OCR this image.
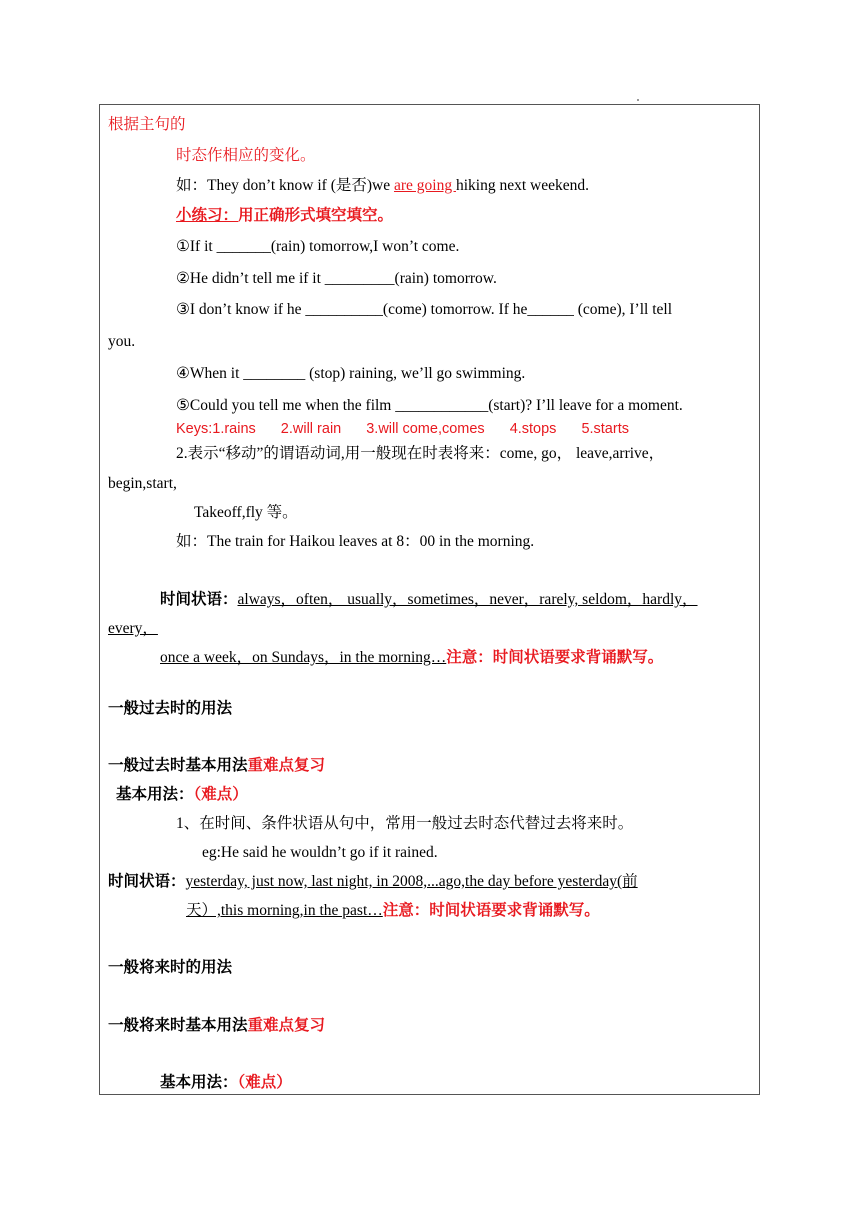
根据主句的
时态作相应的变化。
如：They don’t know if (是否)we are going hiking next weekend.
小练习：用正确形式填空填空。
①If it _______(rain) tomorrow,I won’t come.
②He didn’t tell me if it _________(rain) tomorrow.
③I don’t know if he __________(come) tomorrow. If he______ (come), I’ll tell
you.
④When it ________ (stop) raining, we’ll go swimming.
⑤Could you tell me when the film ____________(start)? I’ll leave for a moment.
Keys:1.rains 2.will rain 3.will come,comes 4.stops 5.starts
2.表示“移动”的谓语动词,用一般现在时表将来：come, go， leave,arrive，
begin,start,
Takeoff,fly 等。
如：The train for Haikou leaves at 8：00 in the morning.
时间状语：always，often， usually，sometimes，never，rarely, seldom，hardly，
every，
once a week，on Sundays，in the morning…注意：时间状语要求背诵默写。
一般过去时的用法
一般过去时基本用法重难点复习
基本用法：（难点）
1、在时间、条件状语从句中，常用一般过去时态代替过去将来时。
eg:He said he wouldn’t go if it rained.
时间状语：yesterday, just now, last night, in 2008,...ago,the day before yesterday(前
天）,this morning,in the past…注意：时间状语要求背诵默写。
一般将来时的用法
一般将来时基本用法重难点复习
基本用法：（难点）
